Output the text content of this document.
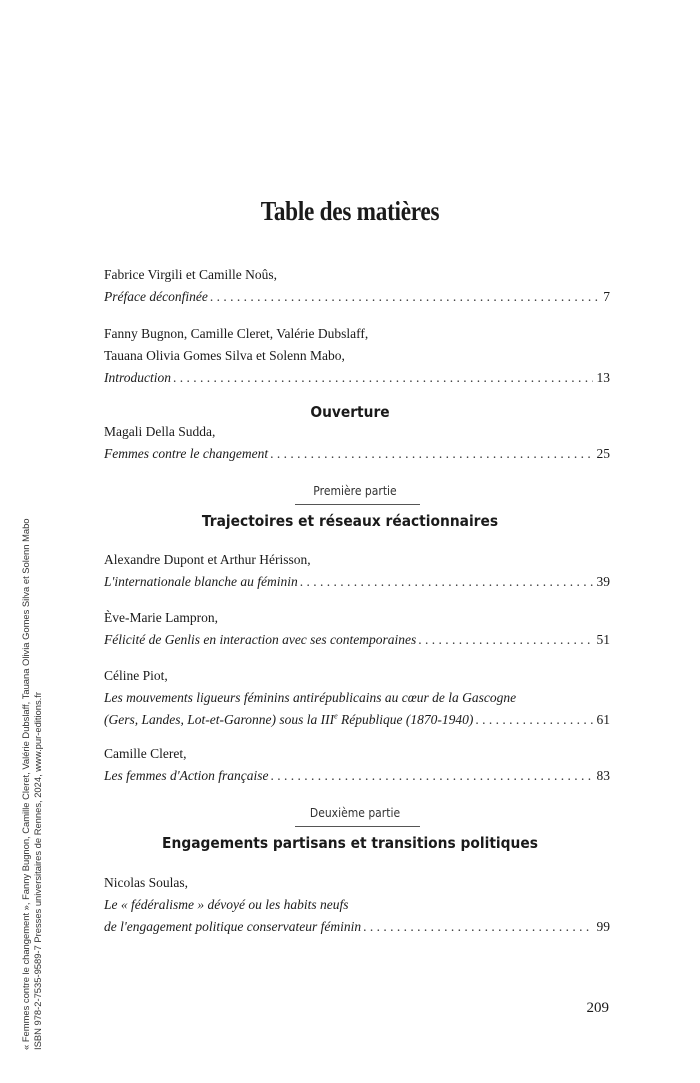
Table des matières
Fabrice Virgili et Camille Noûs,
Préface déconfinée . . .	7
Fanny Bugnon, Camille Cleret, Valérie Dubslaff,
Tauana Olivia Gomes Silva et Solenn Mabo,
Introduction . . .	13
Ouverture
Magali Della Sudda,
Femmes contre le changement . . .	25
Première partie
Trajectoires et réseaux réactionnaires
Alexandre Dupont et Arthur Hérisson,
L'internationale blanche au féminin . . .	39
Ève-Marie Lampron,
Félicité de Genlis en interaction avec ses contemporaines . . .	51
Céline Piot,
Les mouvements ligueurs féminins antirépublicains au cœur de la Gascogne
(Gers, Landes, Lot-et-Garonne) sous la IIIe République (1870-1940) . . .	61
Camille Cleret,
Les femmes d'Action française . . .	83
Deuxième partie
Engagements partisans et transitions politiques
Nicolas Soulas,
Le « fédéralisme » dévoyé ou les habits neufs
de l'engagement politique conservateur féminin . . .	99
209
« Femmes contre le changement », Fanny Bugnon, Camille Cleret, Valérie Dubslaff, Tauana Olivia Gomes Silva et Solenn Mabo ISBN 978-2-7535-9589-7 Presses universitaires de Rennes, 2024, www.pur-editions.fr
